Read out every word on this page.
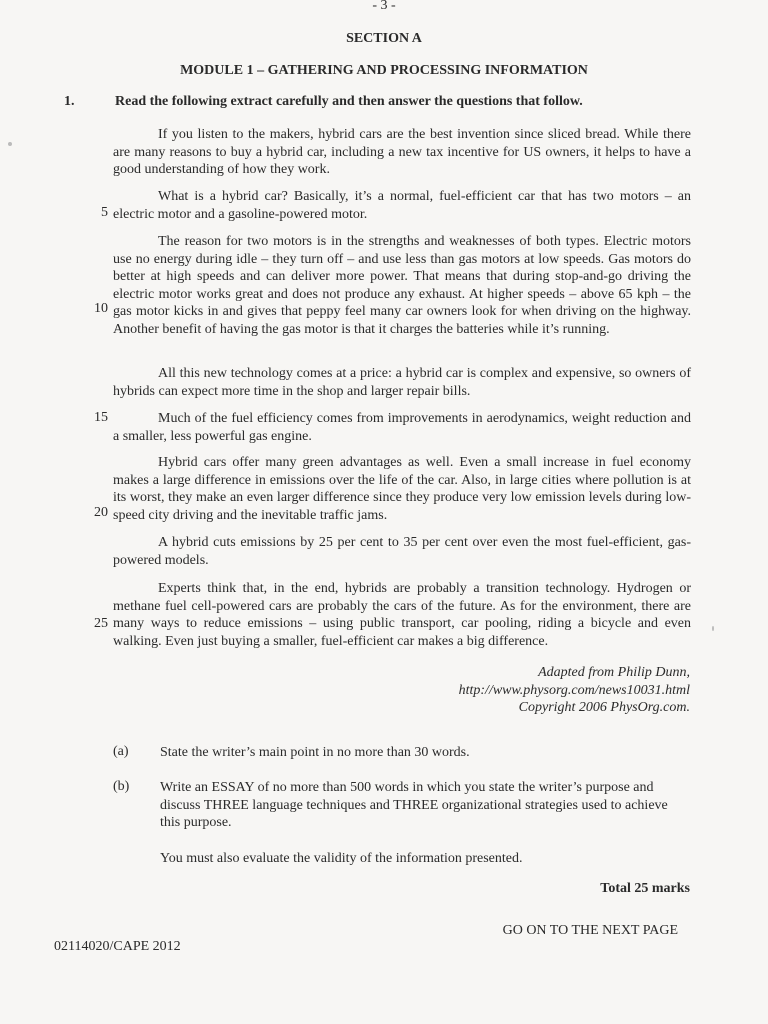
- 3 -
SECTION A
MODULE 1 – GATHERING AND PROCESSING INFORMATION
1.	Read the following extract carefully and then answer the questions that follow.
If you listen to the makers, hybrid cars are the best invention since sliced bread. While there are many reasons to buy a hybrid car, including a new tax incentive for US owners, it helps to have a good understanding of how they work.
What is a hybrid car? Basically, it’s a normal, fuel-efficient car that has two motors – an electric motor and a gasoline-powered motor.
The reason for two motors is in the strengths and weaknesses of both types. Electric motors use no energy during idle – they turn off – and use less than gas motors at low speeds. Gas motors do better at high speeds and can deliver more power. That means that during stop-and-go driving the electric motor works great and does not produce any exhaust. At higher speeds – above 65 kph – the gas motor kicks in and gives that peppy feel many car owners look for when driving on the highway. Another benefit of having the gas motor is that it charges the batteries while it’s running.
All this new technology comes at a price: a hybrid car is complex and expensive, so owners of hybrids can expect more time in the shop and larger repair bills.
Much of the fuel efficiency comes from improvements in aerodynamics, weight reduction and a smaller, less powerful gas engine.
Hybrid cars offer many green advantages as well. Even a small increase in fuel economy makes a large difference in emissions over the life of the car. Also, in large cities where pollution is at its worst, they make an even larger difference since they produce very low emission levels during low-speed city driving and the inevitable traffic jams.
A hybrid cuts emissions by 25 per cent to 35 per cent over even the most fuel-efficient, gas-powered models.
Experts think that, in the end, hybrids are probably a transition technology. Hydrogen or methane fuel cell-powered cars are probably the cars of the future. As for the environment, there are many ways to reduce emissions – using public transport, car pooling, riding a bicycle and even walking. Even just buying a smaller, fuel-efficient car makes a big difference.
5
10
15
20
25
Adapted from Philip Dunn,
http://www.physorg.com/news10031.html
Copyright 2006 PhysOrg.com.
(a) State the writer’s main point in no more than 30 words.
(b) Write an ESSAY of no more than 500 words in which you state the writer’s purpose and discuss THREE language techniques and THREE organizational strategies used to achieve this purpose.
You must also evaluate the validity of the information presented.
Total 25 marks
GO ON TO THE NEXT PAGE
02114020/CAPE 2012
